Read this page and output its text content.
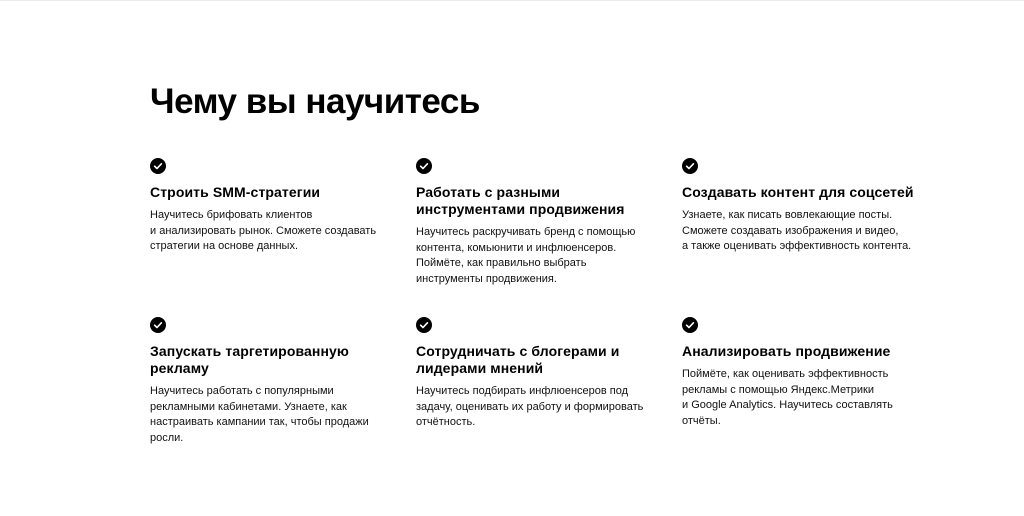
Чему вы научитесь
Строить SMM-стратегии

Научитесь брифовать клиентов
и анализировать рынок. Сможете создавать
стратегии на основе данных.

Работать с разными
инструментами продвижения

Научитесь раскручивать бренд с помощью
контента, комьюнити и инфлюенсеров.
Поймёте, как правильно выбрать
инструменты продвижения.

Создавать контент для соцсетей

Узнаете, как писать вовлекающие посты.
Сможете создавать изображения и видео,
а также оценивать эффективность контента.

Запускать таргетированную
рекламу

Научитесь работать с популярными
рекламными кабинетами. Узнаете, как
настраивать кампании так, чтобы продажи
росли.

Сотрудничать с блогерами и
лидерами мнений

Научитесь подбирать инфлюенсеров под
задачу, оценивать их работу и формировать
отчётность.

Анализировать продвижение

Поймёте, как оценивать эффективность
рекламы с помощью Яндекс.Метрики
и Google Analytics. Научитесь составлять
отчёты.
